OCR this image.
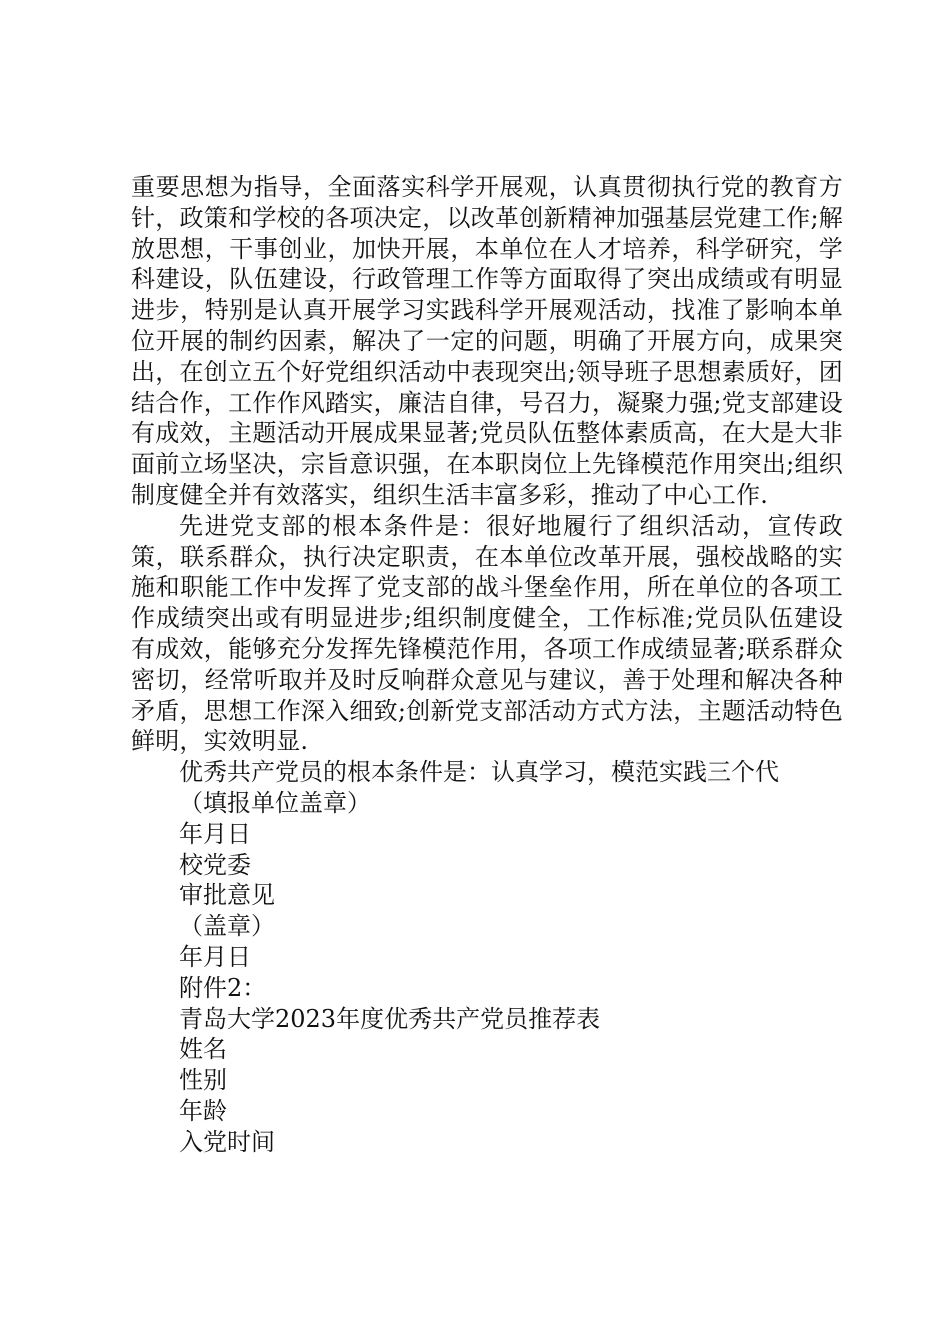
重要思想为指导，全面落实科学开展观，认真贯彻执行党的教育方针，政策和学校的各项决定，以改革创新精神加强基层党建工作;解放思想，干事创业，加快开展，本单位在人才培养，科学研究，学科建设，队伍建设，行政管理工作等方面取得了突出成绩或有明显进步，特别是认真开展学习实践科学开展观活动，找准了影响本单位开展的制约因素，解决了一定的问题，明确了开展方向，成果突出，在创立五个好党组织活动中表现突出;领导班子思想素质好，团结合作，工作作风踏实，廉洁自律，号召力，凝聚力强;党支部建设有成效，主题活动开展成果显著;党员队伍整体素质高，在大是大非面前立场坚决，宗旨意识强，在本职岗位上先锋模范作用突出;组织制度健全并有效落实，组织生活丰富多彩，推动了中心工作.

先进党支部的根本条件是：很好地履行了组织活动，宣传政策，联系群众，执行决定职责，在本单位改革开展，强校战略的实施和职能工作中发挥了党支部的战斗堡垒作用，所在单位的各项工作成绩突出或有明显进步;组织制度健全，工作标准;党员队伍建设有成效，能够充分发挥先锋模范作用，各项工作成绩显著;联系群众密切，经常听取并及时反响群众意见与建议，善于处理和解决各种矛盾，思想工作深入细致;创新党支部活动方式方法，主题活动特色鲜明，实效明显.

优秀共产党员的根本条件是：认真学习，模范实践三个代

（填报单位盖章）

年月日

校党委

审批意见

（盖章）

年月日

附件2：

青岛大学2023年度优秀共产党员推荐表

姓名

性别

年龄

入党时间
